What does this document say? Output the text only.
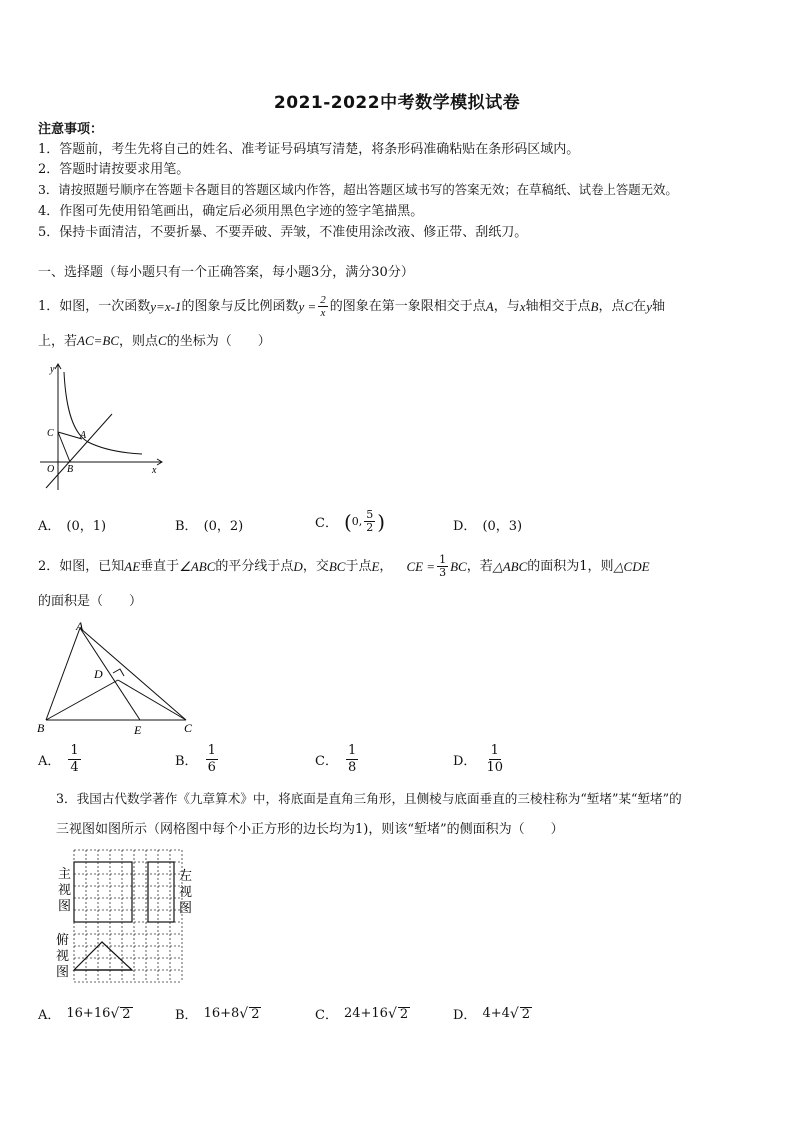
2021-2022中考数学模拟试卷
注意事项：
1．答题前，考生先将自己的姓名、准考证号码填写清楚，将条形码准确粘贴在条形码区域内。
2．答题时请按要求用笔。
3．请按照题号顺序在答题卡各题目的答题区域内作答，超出答题区域书写的答案无效；在草稿纸、试卷上答题无效。
4．作图可先使用铅笔画出，确定后必须用黑色字迹的签字笔描黑。
5．保持卡面清洁，不要折暴、不要弄破、弄皱，不准使用涂改液、修正带、刮纸刀。
一、选择题（每小题只有一个正确答案，每小题3分，满分30分）
1．如图，一次函数 y=x-1 的图象与反比例函数 $y = \frac{2}{x}$ 的图象在第一象限相交于点 A ，与 x 轴相交于点 B ，点 C 在 y 轴
上，若AC=BC，则点C的坐标为（　　）
y
x
O B
C	A
A． (0，1)	B． (0，2)	C． ( 0, $\frac{5}{2}$ )	D． (0，3)
2．如图，已知 AE 垂直于 ∠ABC 的平分线于点 D ，交 BC 于点 E ， CE = $\frac{1}{3}$ BC ，若 △ABC 的面积为1，则 △CDE
的面积是（　　）
A
D
B	E	C
A． $\frac{1}{4}$	B． $\frac{1}{6}$	C． $\frac{1}{8}$	D． $\frac{1}{10}$
3．我国古代数学著作《九章算术》中，将底面是直角三角形，且侧棱与底面垂直的三棱柱称为“堑堵”某“堑堵”的
三视图如图所示（网格图中每个小正方形的边长均为1)，则该“堑堵”的侧面积为（　　）
主
视
图
左
视
图
俯
视
图
A． 16+16 √ 2	B． 16+8 √ 2	C． 24+16 √ 2	D． 4+4 √ 2
